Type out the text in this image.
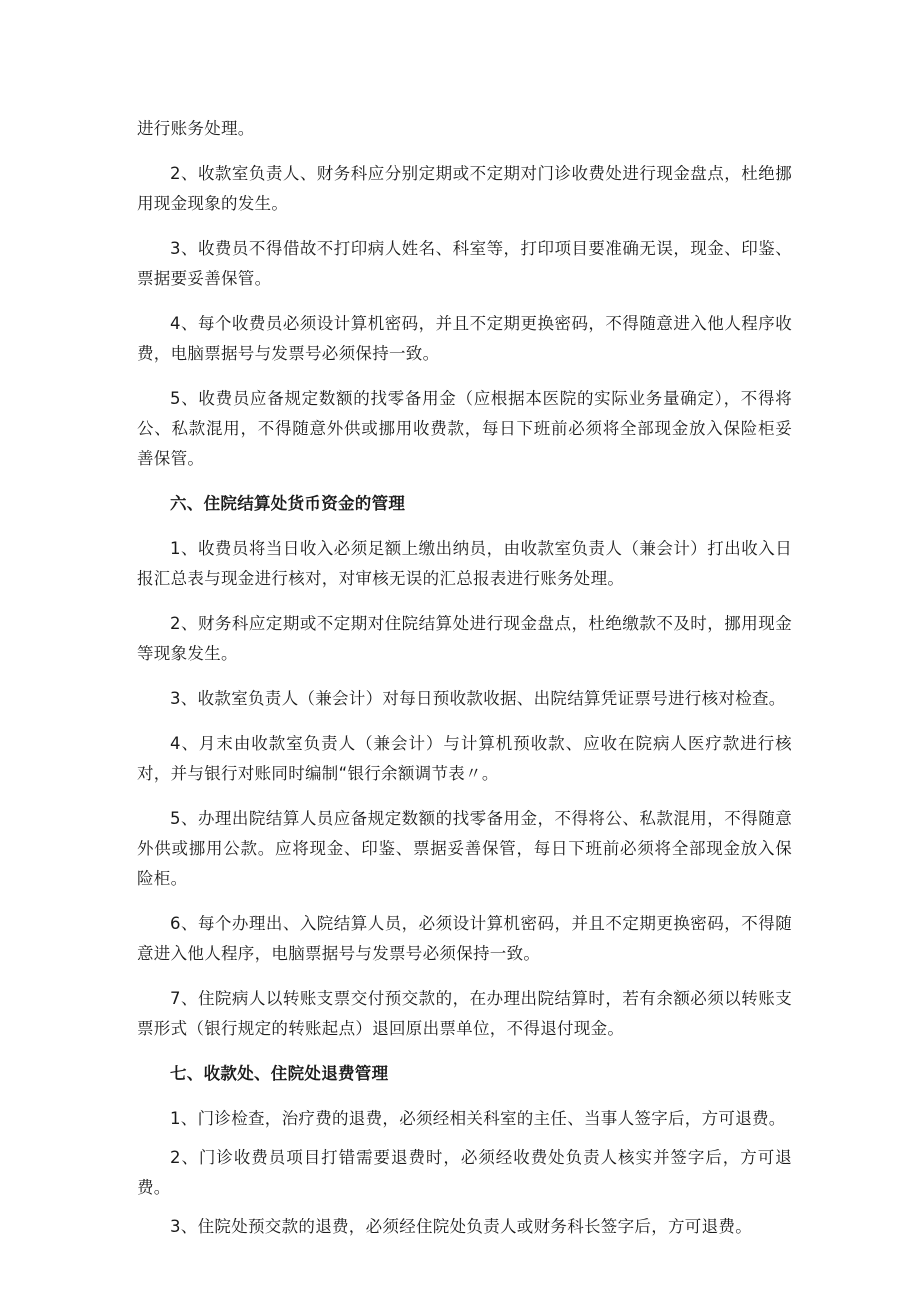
进行账务处理。

2、收款室负责人、财务科应分别定期或不定期对门诊收费处进行现金盘点，杜绝挪用现金现象的发生。

3、收费员不得借故不打印病人姓名、科室等，打印项目要准确无误，现金、印鉴、票据要妥善保管。

4、每个收费员必须设计算机密码，并且不定期更换密码，不得随意进入他人程序收费，电脑票据号与发票号必须保持一致。

5、收费员应备规定数额的找零备用金（应根据本医院的实际业务量确定），不得将公、私款混用，不得随意外供或挪用收费款，每日下班前必须将全部现金放入保险柜妥善保管。

六、住院结算处货币资金的管理

1、收费员将当日收入必须足额上缴出纳员，由收款室负责人（兼会计）打出收入日报汇总表与现金进行核对，对审核无误的汇总报表进行账务处理。

2、财务科应定期或不定期对住院结算处进行现金盘点，杜绝缴款不及时，挪用现金等现象发生。

3、收款室负责人（兼会计）对每日预收款收据、出院结算凭证票号进行核对检查。

4、月末由收款室负责人（兼会计）与计算机预收款、应收在院病人医疗款进行核对，并与银行对账同时编制“银行余额调节表〃。

5、办理出院结算人员应备规定数额的找零备用金，不得将公、私款混用，不得随意外供或挪用公款。应将现金、印鉴、票据妥善保管，每日下班前必须将全部现金放入保险柜。

6、每个办理出、入院结算人员，必须设计算机密码，并且不定期更换密码，不得随意进入他人程序，电脑票据号与发票号必须保持一致。

7、住院病人以转账支票交付预交款的，在办理出院结算时，若有余额必须以转账支票形式（银行规定的转账起点）退回原出票单位，不得退付现金。

七、收款处、住院处退费管理

1、门诊检查，治疗费的退费，必须经相关科室的主任、当事人签字后，方可退费。

2、门诊收费员项目打错需要退费时，必须经收费处负责人核实并签字后，方可退费。

3、住院处预交款的退费，必须经住院处负责人或财务科长签字后，方可退费。
